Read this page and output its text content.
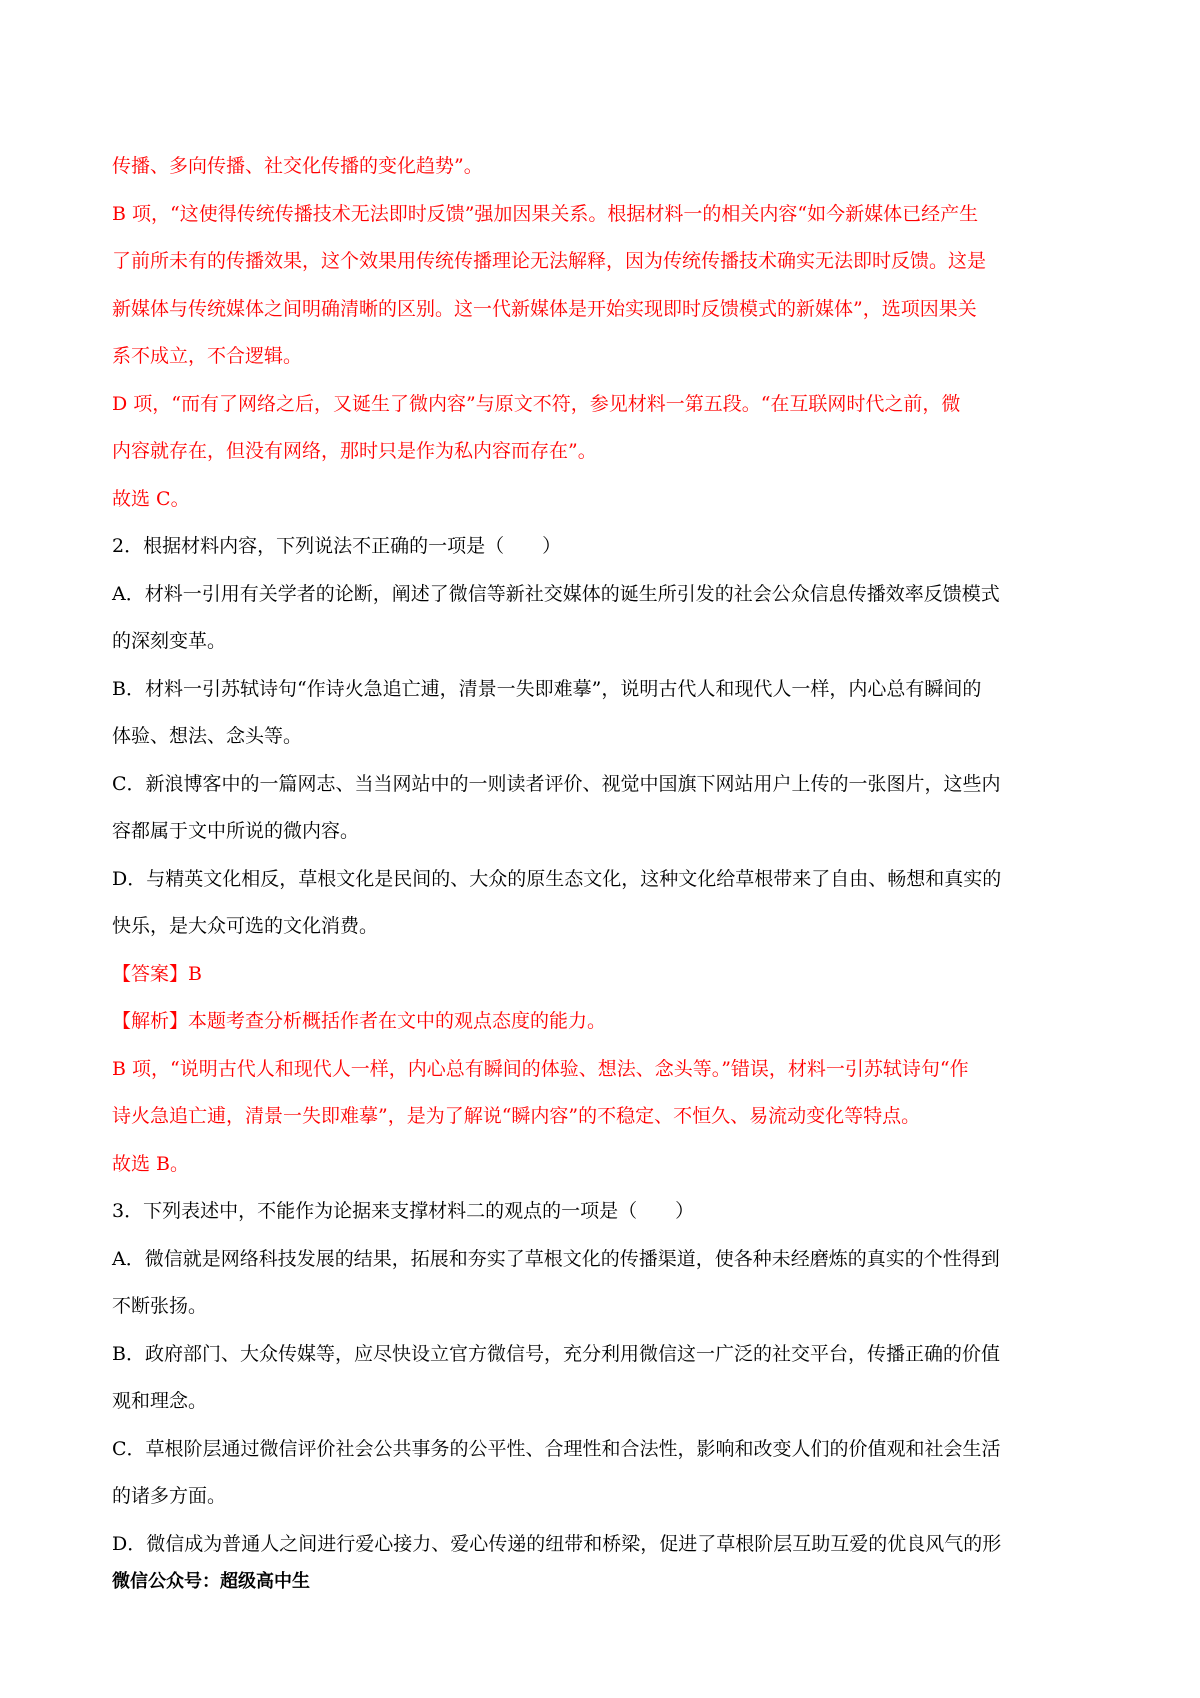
传播、多向传播、社交化传播的变化趋势”。
B 项，“这使得传统传播技术无法即时反馈”强加因果关系。根据材料一的相关内容“如今新媒体已经产生
了前所未有的传播效果，这个效果用传统传播理论无法解释，因为传统传播技术确实无法即时反馈。这是
新媒体与传统媒体之间明确清晰的区别。这一代新媒体是开始实现即时反馈模式的新媒体”，选项因果关
系不成立，不合逻辑。
D 项，“而有了网络之后，又诞生了微内容”与原文不符，参见材料一第五段。“在互联网时代之前，微
内容就存在，但没有网络，那时只是作为私内容而存在”。
故选 C。
2．根据材料内容，下列说法不正确的一项是（　　）
A．材料一引用有关学者的论断，阐述了微信等新社交媒体的诞生所引发的社会公众信息传播效率反馈模式
的深刻变革。
B．材料一引苏轼诗句“作诗火急追亡逋，清景一失即难摹”，说明古代人和现代人一样，内心总有瞬间的
体验、想法、念头等。
C．新浪博客中的一篇网志、当当网站中的一则读者评价、视觉中国旗下网站用户上传的一张图片，这些内
容都属于文中所说的微内容。
D．与精英文化相反，草根文化是民间的、大众的原生态文化，这种文化给草根带来了自由、畅想和真实的
快乐，是大众可选的文化消费。
【答案】B
【解析】本题考查分析概括作者在文中的观点态度的能力。
B 项，“说明古代人和现代人一样，内心总有瞬间的体验、想法、念头等。”错误，材料一引苏轼诗句“作
诗火急追亡逋，清景一失即难摹”，是为了解说“瞬内容”的不稳定、不恒久、易流动变化等特点。
故选 B。
3．下列表述中，不能作为论据来支撑材料二的观点的一项是（　　）
A．微信就是网络科技发展的结果，拓展和夯实了草根文化的传播渠道，使各种未经磨炼的真实的个性得到
不断张扬。
B．政府部门、大众传媒等，应尽快设立官方微信号，充分利用微信这一广泛的社交平台，传播正确的价值
观和理念。
C．草根阶层通过微信评价社会公共事务的公平性、合理性和合法性，影响和改变人们的价值观和社会生活
的诸多方面。
D．微信成为普通人之间进行爱心接力、爱心传递的纽带和桥梁，促进了草根阶层互助互爱的优良风气的形
微信公众号：超级高中生
